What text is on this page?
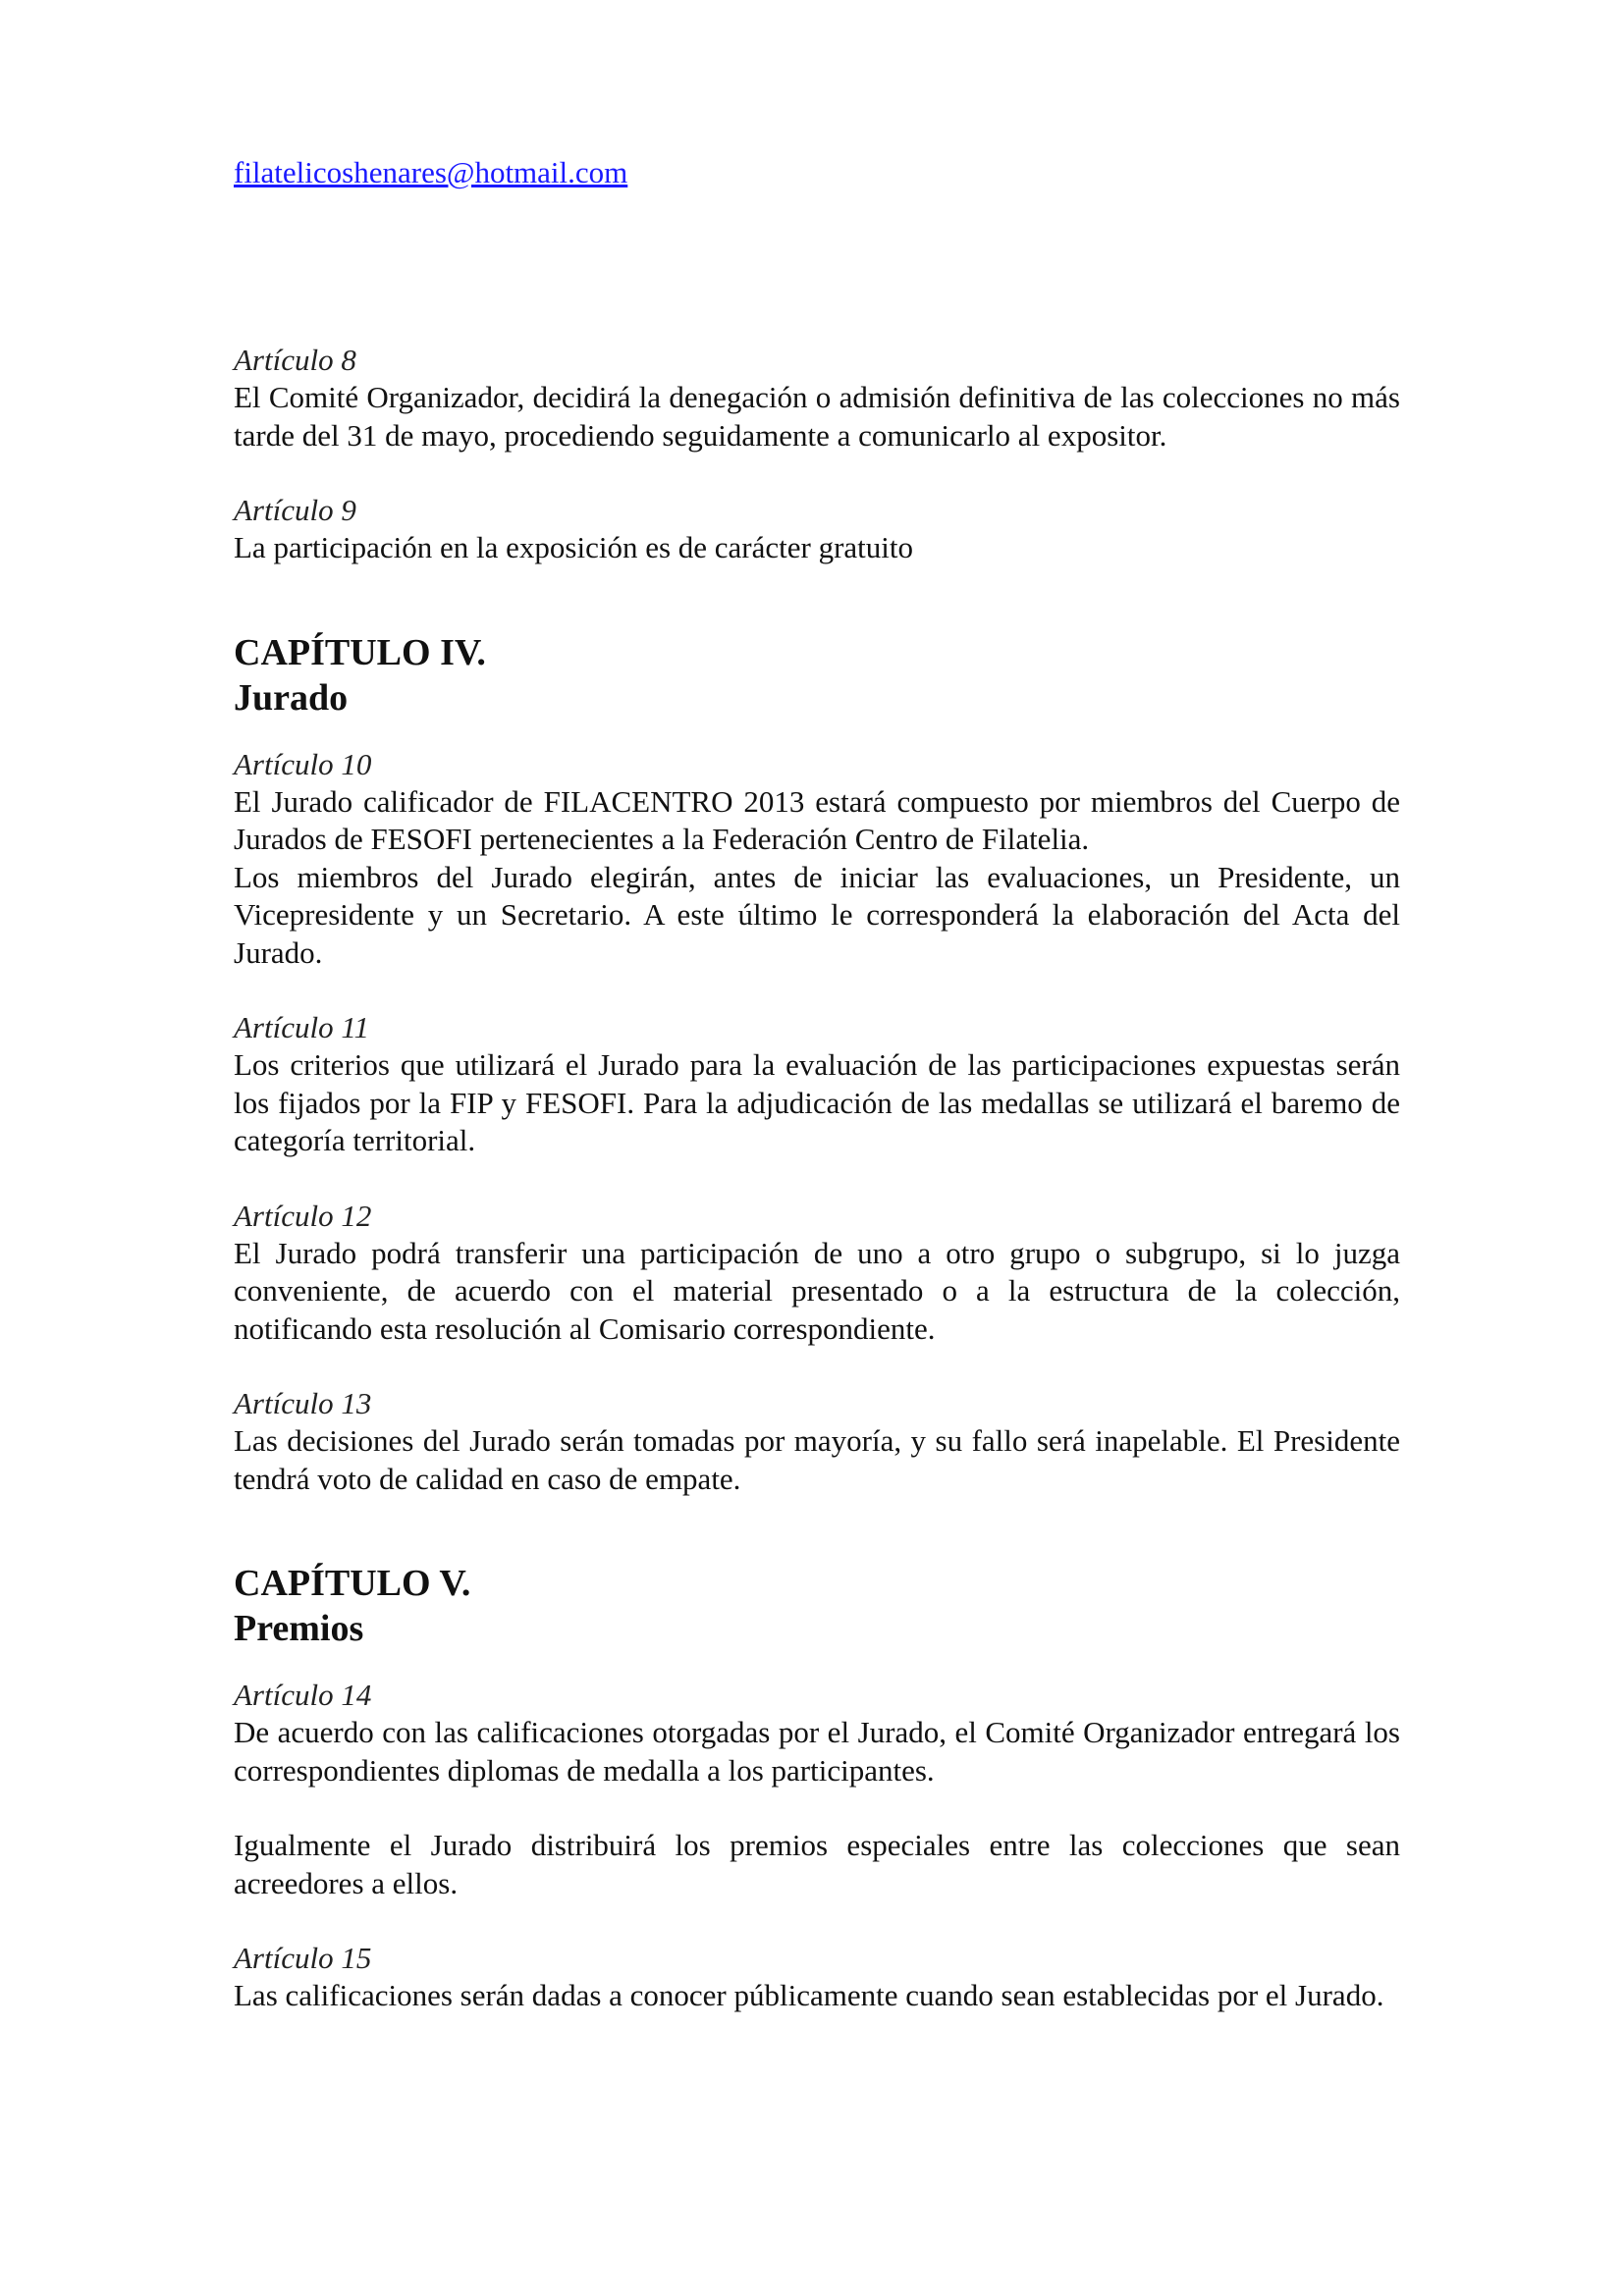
filatelicoshenares@hotmail.com

Artículo 8

El Comité Organizador, decidirá la denegación o admisión definitiva de las colecciones no más tarde del 31 de mayo, procediendo seguidamente a comunicarlo al expositor.

Artículo 9

La participación en la exposición es de carácter gratuito

CAPÍTULO IV.

Jurado

Artículo 10

El Jurado calificador de FILACENTRO 2013 estará compuesto por miembros del Cuerpo de Jurados de FESOFI pertenecientes a la Federación Centro de Filatelia.

Los miembros del Jurado elegirán, antes de iniciar las evaluaciones, un Presidente, un Vicepresidente y un Secretario. A este último le corresponderá la elaboración del Acta del Jurado.

Artículo 11

Los criterios que utilizará el Jurado para la evaluación de las participaciones expuestas serán los fijados por la FIP y FESOFI. Para la adjudicación de las medallas se utilizará el baremo de categoría territorial.

Artículo 12

El Jurado podrá transferir una participación de uno a otro grupo o subgrupo, si lo juzga conveniente, de acuerdo con el material presentado o a la estructura de la colección, notificando esta resolución al Comisario correspondiente.

Artículo 13

Las decisiones del Jurado serán tomadas por mayoría, y su fallo será inapelable. El Presidente tendrá voto de calidad en caso de empate.

CAPÍTULO V.

Premios

Artículo 14

De acuerdo con las calificaciones otorgadas por el Jurado, el Comité Organizador entregará los correspondientes diplomas de medalla a los participantes.

Igualmente el Jurado distribuirá los premios especiales entre las colecciones que sean acreedores a ellos.

Artículo 15

Las calificaciones serán dadas a conocer públicamente cuando sean establecidas por el Jurado.
